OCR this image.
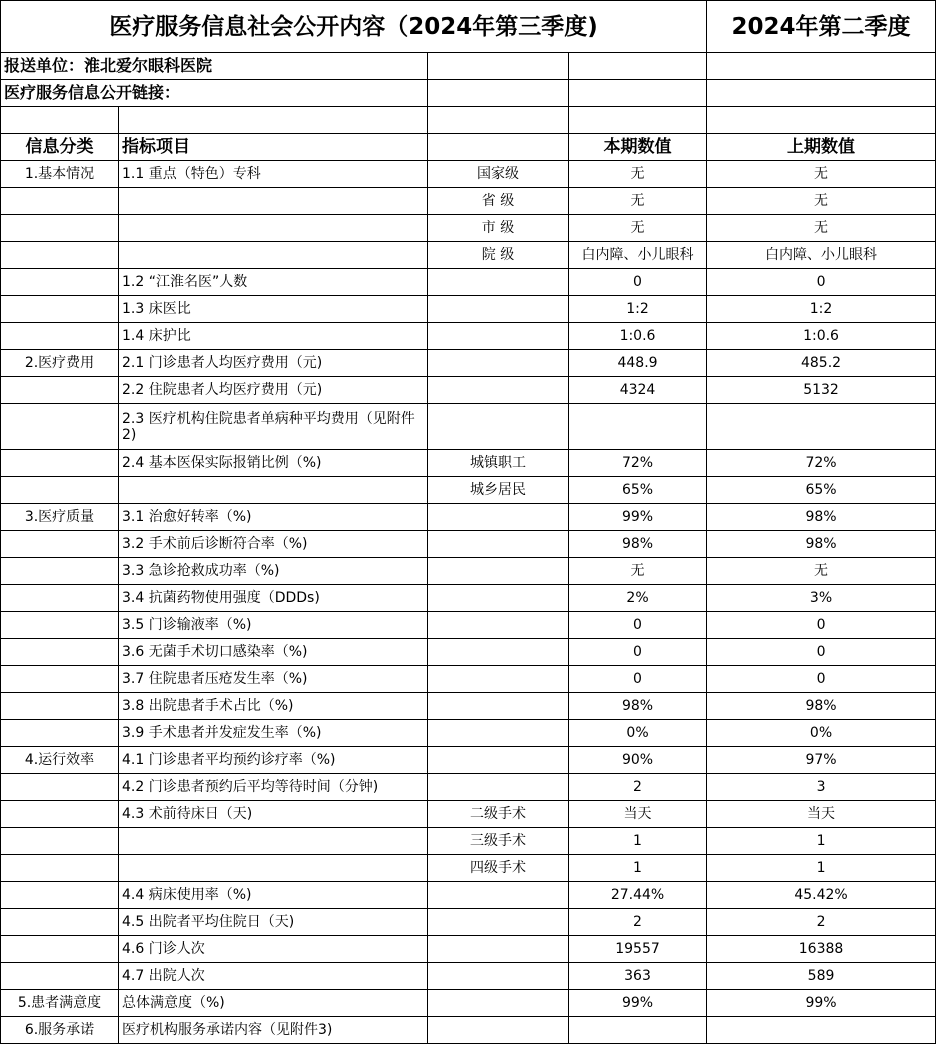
医疗服务信息社会公开内容（2024年第三季度)				2024年第二季度
报送单位：淮北爱尔眼科医院				
医疗服务信息公开链接：				

信息分类	指标项目		本期数值	上期数值
1.基本情况	1.1 重点（特色）专科	国家级	无	无
		省 级	无	无
		市 级	无	无
		院 级	白内障、小儿眼科	白内障、小儿眼科
	1.2 “江淮名医”人数		0	0
	1.3 床医比		1:2	1:2
	1.4 床护比		1:0.6	1:0.6
2.医疗费用	2.1 门诊患者人均医疗费用（元)		448.9	485.2
	2.2 住院患者人均医疗费用（元)		4324	5132
	2.3 医疗机构住院患者单病种平均费用（见附件2)			
	2.4 基本医保实际报销比例（%)	城镇职工	72%	72%
		城乡居民	65%	65%
3.医疗质量	3.1 治愈好转率（%)		99%	98%
	3.2 手术前后诊断符合率（%)		98%	98%
	3.3 急诊抢救成功率（%)		无	无
	3.4 抗菌药物使用强度（DDDs)		2%	3%
	3.5 门诊输液率（%)		0	0
	3.6 无菌手术切口感染率（%)		0	0
	3.7 住院患者压疮发生率（%)		0	0
	3.8 出院患者手术占比（%)		98%	98%
	3.9 手术患者并发症发生率（%)		0%	0%
4.运行效率	4.1 门诊患者平均预约诊疗率（%)		90%	97%
	4.2 门诊患者预约后平均等待时间（分钟)		2	3
	4.3 术前待床日（天)	二级手术	当天	当天
		三级手术	1	1
		四级手术	1	1
	4.4 病床使用率（%)		27.44%	45.42%
	4.5 出院者平均住院日（天)		2	2
	4.6 门诊人次		19557	16388
	4.7 出院人次		363	589
5.患者满意度	总体满意度（%)		99%	99%
6.服务承诺	医疗机构服务承诺内容（见附件3)			
